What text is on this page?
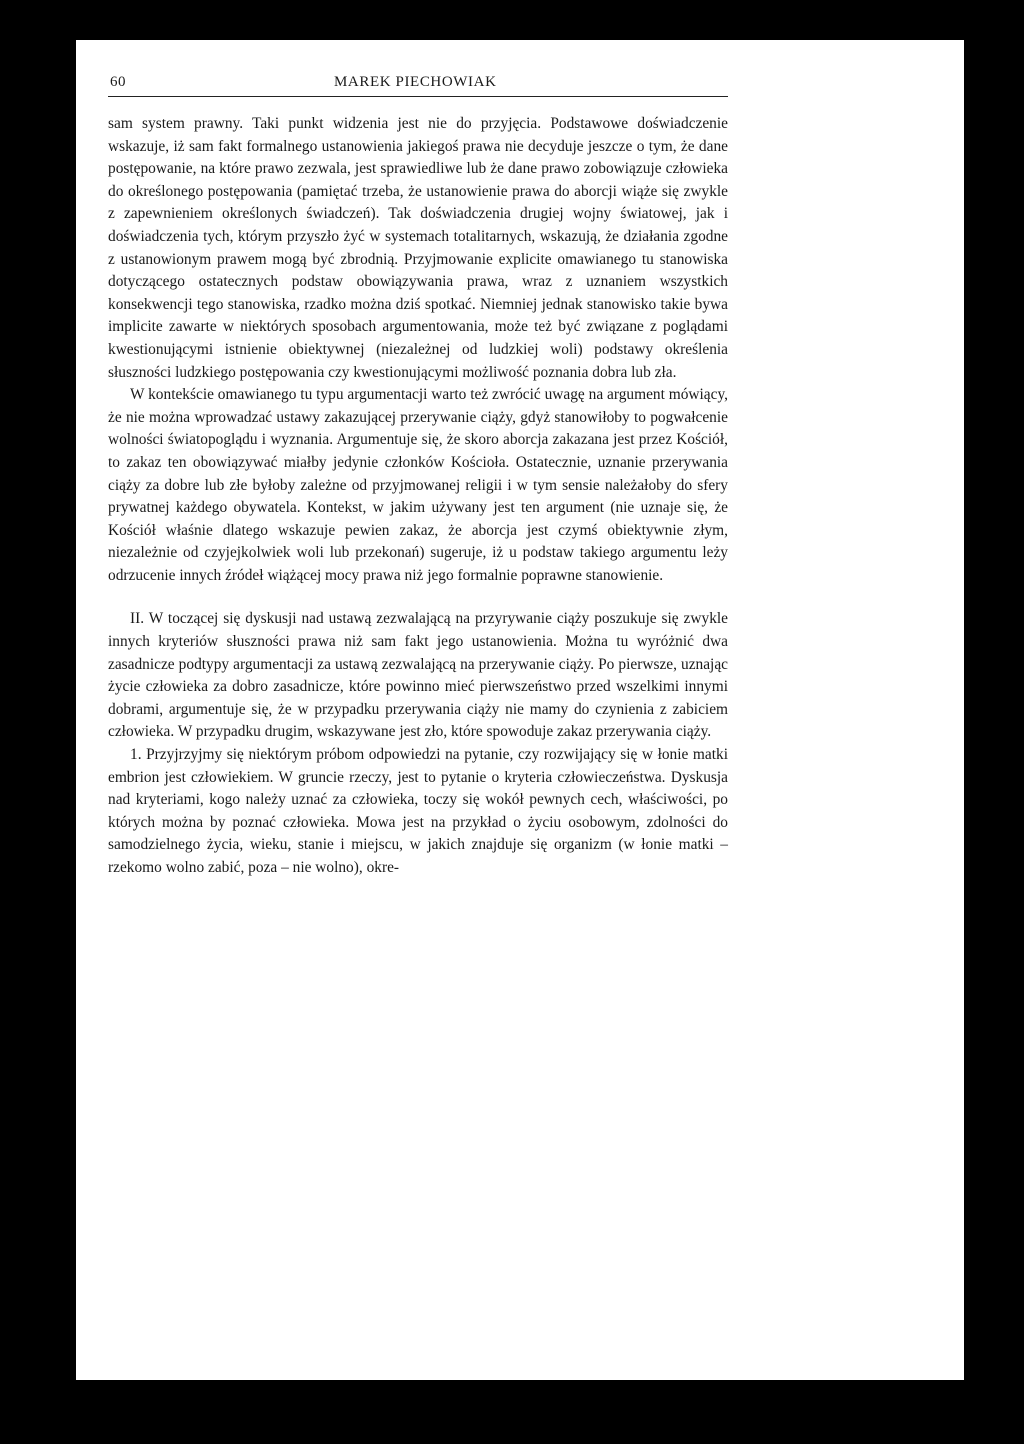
60	MAREK PIECHOWIAK

sam system prawny. Taki punkt widzenia jest nie do przyjęcia. Podstawowe doświadczenie wskazuje, iż sam fakt formalnego ustanowienia jakiegoś prawa nie decyduje jeszcze o tym, że dane postępowanie, na które prawo zezwala, jest sprawiedliwe lub że dane prawo zobowiązuje człowieka do określonego postępowania (pamiętać trzeba, że ustanowienie prawa do aborcji wiąże się zwykle z zapewnieniem określonych świadczeń). Tak doświadczenia drugiej wojny światowej, jak i doświadczenia tych, którym przyszło żyć w systemach totalitarnych, wskazują, że działania zgodne z ustanowionym prawem mogą być zbrodnią. Przyjmowanie explicite omawianego tu stanowiska dotyczącego ostatecznych podstaw obowiązywania prawa, wraz z uznaniem wszystkich konsekwencji tego stanowiska, rzadko można dziś spotkać. Niemniej jednak stanowisko takie bywa implicite zawarte w niektórych sposobach argumentowania, może też być związane z poglądami kwestionującymi istnienie obiektywnej (niezależnej od ludzkiej woli) podstawy określenia słuszności ludzkiego postępowania czy kwestionującymi możliwość poznania dobra lub zła.

W kontekście omawianego tu typu argumentacji warto też zwrócić uwagę na argument mówiący, że nie można wprowadzać ustawy zakazującej przerywanie ciąży, gdyż stanowiłoby to pogwałcenie wolności światopoglądu i wyznania. Argumentuje się, że skoro aborcja zakazana jest przez Kościół, to zakaz ten obowiązywać miałby jedynie członków Kościoła. Ostatecznie, uznanie przerywania ciąży za dobre lub złe byłoby zależne od przyjmowanej religii i w tym sensie należałoby do sfery prywatnej każdego obywatela. Kontekst, w jakim używany jest ten argument (nie uznaje się, że Kościół właśnie dlatego wskazuje pewien zakaz, że aborcja jest czymś obiektywnie złym, niezależnie od czyjejkolwiek woli lub przekonań) sugeruje, iż u podstaw takiego argumentu leży odrzucenie innych źródeł wiążącej mocy prawa niż jego formalnie poprawne stanowienie.

II. W toczącej się dyskusji nad ustawą zezwalającą na przyrywanie ciąży poszukuje się zwykle innych kryteriów słuszności prawa niż sam fakt jego ustanowienia. Można tu wyróżnić dwa zasadnicze podtypy argumentacji za ustawą zezwalającą na przerywanie ciąży. Po pierwsze, uznając życie człowieka za dobro zasadnicze, które powinno mieć pierwszeństwo przed wszelkimi innymi dobrami, argumentuje się, że w przypadku przerywania ciąży nie mamy do czynienia z zabiciem człowieka. W przypadku drugim, wskazywane jest zło, które spowoduje zakaz przerywania ciąży.

1. Przyjrzyjmy się niektórym próbom odpowiedzi na pytanie, czy rozwijający się w łonie matki embrion jest człowiekiem. W gruncie rzeczy, jest to pytanie o kryteria człowieczeństwa. Dyskusja nad kryteriami, kogo należy uznać za człowieka, toczy się wokół pewnych cech, właściwości, po których można by poznać człowieka. Mowa jest na przykład o życiu osobowym, zdolności do samodzielnego życia, wieku, stanie i miejscu, w jakich znajduje się organizm (w łonie matki – rzekomo wolno zabić, poza – nie wolno), okre-
